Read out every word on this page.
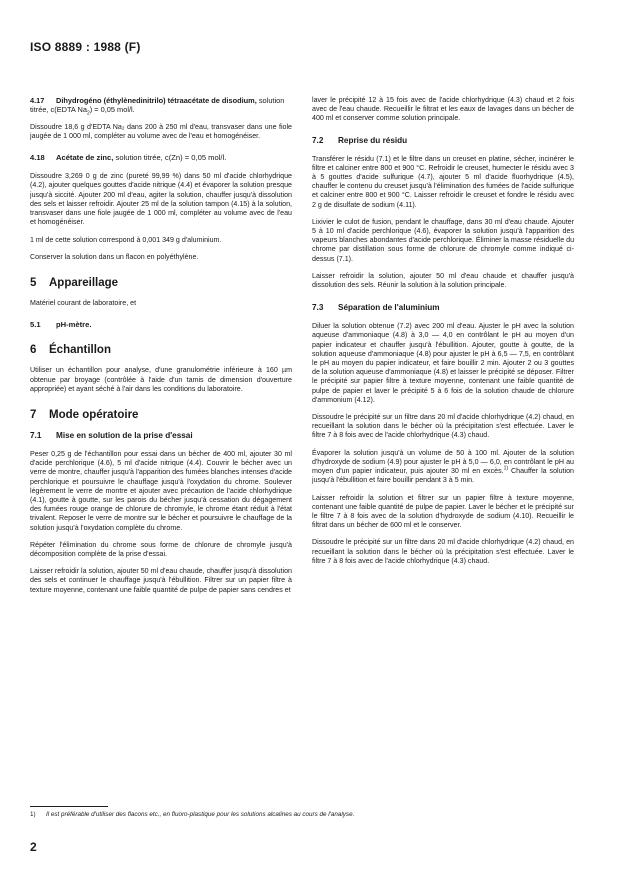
ISO 8889 : 1988 (F)
4.17 Dihydrogéno (éthylènedinitrilo) tétraacétate de disodium, solution titrée, c(EDTA $Na_2) = 0,05$ mol/l.

Dissoudre 18,6 g d'EDTA Na₂ dans 200 à 250 ml d'eau, transvaser dans une fiole jaugée de 1 000 ml, compléter au volume avec de l'eau et homogénéiser.

4.18 Acétate de zinc, solution titrée, c(Zn) = 0,05 mol/l.

Dissoudre 3,269 0 g de zinc (pureté 99,99 %) dans 50 ml d'acide chlorhydrique (4.2), ajouter quelques gouttes d'acide nitrique (4.4) et évaporer la solution presque jusqu'à siccité. Ajouter 200 ml d'eau, agiter la solution, chauffer jusqu'à dissolution des sels et laisser refroidir. Ajouter 25 ml de la solution tampon (4.15) à la solution, transvaser dans une fiole jaugée de 1 000 ml, compléter au volume avec de l'eau et homogénéiser.

1 ml de cette solution correspond à 0,001 349 g d'aluminium.

Conserver la solution dans un flacon en polyéthylène.

5 Appareillage

Matériel courant de laboratoire, et

5.1 pH-mètre.
6 Échantillon

Utiliser un échantillon pour analyse, d'une granulométrie inférieure à 160 µm obtenue par broyage (contrôlée à l'aide d'un tamis de dimension d'ouverture appropriée) et ayant séché à l'air dans les conditions du laboratoire.

7 Mode opératoire
7.1 Mise en solution de la prise d'essai

Peser 0,25 g de l'échantillon pour essai dans un bécher de 400 ml, ajouter 30 ml d'acide perchlorique (4.6), 5 ml d'acide nitrique (4.4). Couvrir le bécher avec un verre de montre, chauffer jusqu'à l'apparition des fumées blanches intenses d'acide perchlorique et poursuivre le chauffage jusqu'à l'oxydation du chrome. Soulever légèrement le verre de montre et ajouter avec précaution de l'acide chlorhydrique (4.1), goutte à goutte, sur les parois du bécher jusqu'à cessation du dégagement des fumées rouge orange de chlorure de chromyle, le chrome étant réduit à l'état trivalent. Reposer le verre de montre sur le bécher et poursuivre le chauffage de la solution jusqu'à l'oxydation complète du chrome.

Répéter l'élimination du chrome sous forme de chlorure de chromyle jusqu'à décomposition complète de la prise d'essai.

Laisser refroidir la solution, ajouter 50 ml d'eau chaude, chauffer jusqu'à dissolution des sels et continuer le chauffage jusqu'à l'ébullition. Filtrer sur un papier filtre à texture moyenne, contenant une faible quantité de pulpe de papier sans cendres et

laver le précipité 12 à 15 fois avec de l'acide chlorhydrique (4.3) chaud et 2 fois avec de l'eau chaude. Recueillir le filtrat et les eaux de lavages dans un bécher de 400 ml et conserver comme solution principale.

7.2 Reprise du résidu

Transférer le résidu (7.1) et le filtre dans un creuset en platine, sécher, incinérer le filtre et calciner entre 800 et 900 °C. Refroidir le creuset, humecter le résidu avec 3 à 5 gouttes d'acide sulfurique (4.7), ajouter 5 ml d'acide fluorhydrique (4.5), chauffer le contenu du creuset jusqu'à l'élimination des fumées de l'acide sulfurique et calciner entre 800 et 900 °C. Laisser refroidir le creuset et fondre le résidu avec 2 g de disulfate de sodium (4.11).

Lixivier le culot de fusion, pendant le chauffage, dans 30 ml d'eau chaude. Ajouter 5 à 10 ml d'acide perchlorique (4.6), évaporer la solution jusqu'à l'apparition des vapeurs blanches abondantes d'acide perchlorique. Éliminer la masse résiduelle du chrome par distillation sous forme de chlorure de chromyle comme indiqué ci-dessus (7.1).

Laisser refroidir la solution, ajouter 50 ml d'eau chaude et chauffer jusqu'à dissolution des sels. Réunir la solution à la solution principale.

7.3 Séparation de l'aluminium

Diluer la solution obtenue (7.2) avec 200 ml d'eau. Ajuster le pH avec la solution aqueuse d'ammoniaque (4.8) à 3,0 — 4,0 en contrôlant le pH au moyen d'un papier indicateur et chauffer jusqu'à l'ébullition. Ajouter, goutte à goutte, de la solution aqueuse d'ammoniaque (4.8) pour ajuster le pH à 6,5 — 7,5, en contrôlant le pH au moyen du papier indicateur, et faire bouillir 2 min. Ajouter 2 ou 3 gouttes de la solution aqueuse d'ammoniaque (4.8) et laisser le précipité se déposer. Filtrer le précipité sur papier filtre à texture moyenne, contenant une faible quantité de pulpe de papier et laver le précipité 5 à 6 fois de la solution chaude de chlorure d'ammonium (4.12).

Dissoudre le précipité sur un filtre dans 20 ml d'acide chlorhydrique (4.2) chaud, en recueillant la solution dans le bécher où la précipitation s'est effectuée. Laver le filtre 7 à 8 fois avec de l'acide chlorhydrique (4.3) chaud.

Évaporer la solution jusqu'à un volume de 50 à 100 ml. Ajouter de la solution d'hydroxyde de sodium (4.9) pour ajuster le pH à 5,0 — 6,0, en contrôlant le pH au moyen d'un papier indicateur, puis ajouter 30 ml en excès.$^{1)}$ Chauffer la solution jusqu'à l'ébullition et faire bouillir pendant 3 à 5 min.

Laisser refroidir la solution et filtrer sur un papier filtre à texture moyenne, contenant une faible quantité de pulpe de papier. Laver le bécher et le précipité sur le filtre 7 à 8 fois avec de la solution d'hydroxyde de sodium (4.10). Recueillir le filtrat dans un bécher de 600 ml et le conserver.

Dissoudre le précipité sur un filtre dans 20 ml d'acide chlorhydrique (4.2) chaud, en recueillant la solution dans le bécher où la précipitation s'est effectuée. Laver le filtre 7 à 8 fois avec de l'acide chlorhydrique (4.3) chaud.

1) Il est préférable d'utiliser des flacons etc., en fluoro-plastique pour les solutions alcalines au cours de l'analyse.
2
